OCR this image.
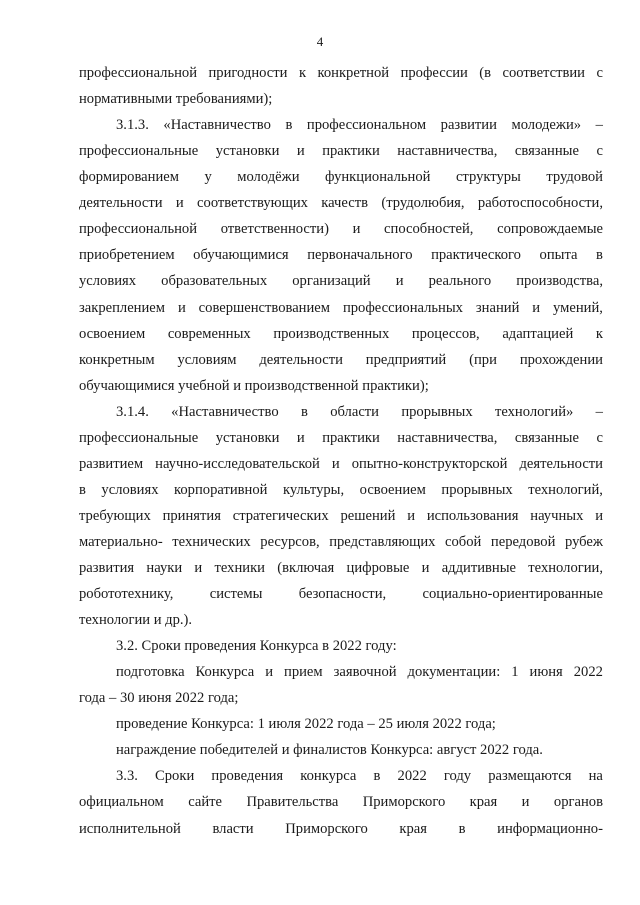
4
профессиональной пригодности к конкретной профессии (в соответствии с
нормативными требованиями);
3.1.3. «Наставничество в профессиональном развитии молодежи» –
профессиональные установки и практики наставничества, связанные с
формированием у молодёжи функциональной структуры трудовой
деятельности и соответствующих качеств (трудолюбия, работоспособности,
профессиональной ответственности) и способностей, сопровождаемые
приобретением обучающимися первоначального практического опыта в
условиях образовательных организаций и реального производства,
закреплением и совершенствованием профессиональных знаний и умений,
освоением современных производственных процессов, адаптацией к
конкретным условиям деятельности предприятий (при прохождении
обучающимися учебной и производственной практики);
3.1.4. «Наставничество в области прорывных технологий» –
профессиональные установки и практики наставничества, связанные с
развитием научно-исследовательской и опытно-конструкторской деятельности
в условиях корпоративной культуры, освоением прорывных технологий,
требующих принятия стратегических решений и использования научных и
материально- технических ресурсов, представляющих собой передовой рубеж
развития науки и техники (включая цифровые и аддитивные технологии,
робототехнику, системы безопасности, социально-ориентированные
технологии и др.).
3.2. Сроки проведения Конкурса в 2022 году:
подготовка Конкурса и прием заявочной документации: 1 июня 2022
года – 30 июня 2022 года;
проведение Конкурса: 1 июля 2022 года – 25 июля 2022 года;
награждение победителей и финалистов Конкурса: август 2022 года.
3.3. Сроки проведения конкурса в 2022 году размещаются на
официальном сайте Правительства Приморского края и органов
исполнительной власти Приморского края в информационно-
